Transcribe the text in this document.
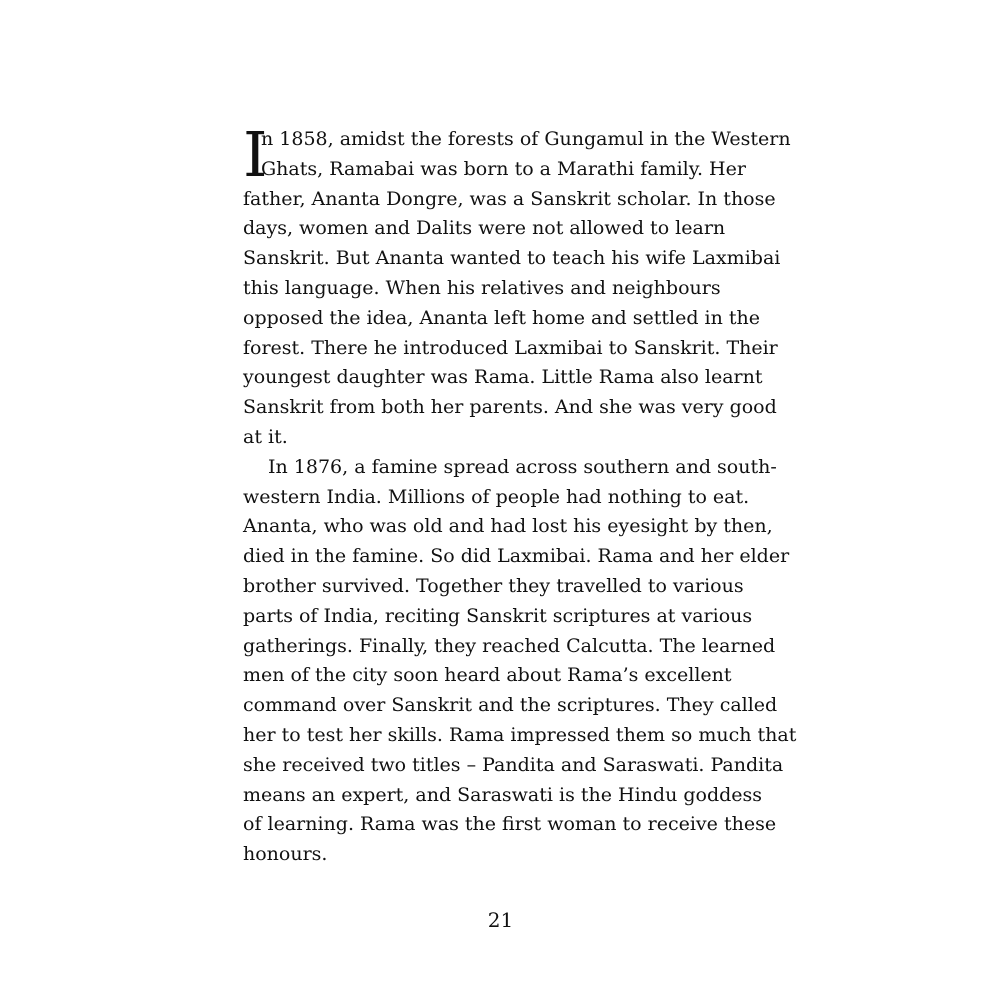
I
n 1858, amidst the forests of Gungamul in the Western
Ghats, Ramabai was born to a Marathi family. Her
father, Ananta Dongre, was a Sanskrit scholar. In those
days, women and Dalits were not allowed to learn
Sanskrit. But Ananta wanted to teach his wife Laxmibai
this language. When his relatives and neighbours
opposed the idea, Ananta left home and settled in the
forest. There he introduced Laxmibai to Sanskrit. Their
youngest daughter was Rama. Little Rama also learnt
Sanskrit from both her parents. And she was very good
at it.
In 1876, a famine spread across southern and south-
western India. Millions of people had nothing to eat.
Ananta, who was old and had lost his eyesight by then,
died in the famine. So did Laxmibai. Rama and her elder
brother survived. Together they travelled to various
parts of India, reciting Sanskrit scriptures at various
gatherings. Finally, they reached Calcutta. The learned
men of the city soon heard about Rama’s excellent
command over Sanskrit and the scriptures. They called
her to test her skills. Rama impressed them so much that
she received two titles – Pandita and Saraswati. Pandita
means an expert, and Saraswati is the Hindu goddess
of learning. Rama was the first woman to receive these
honours.
21
